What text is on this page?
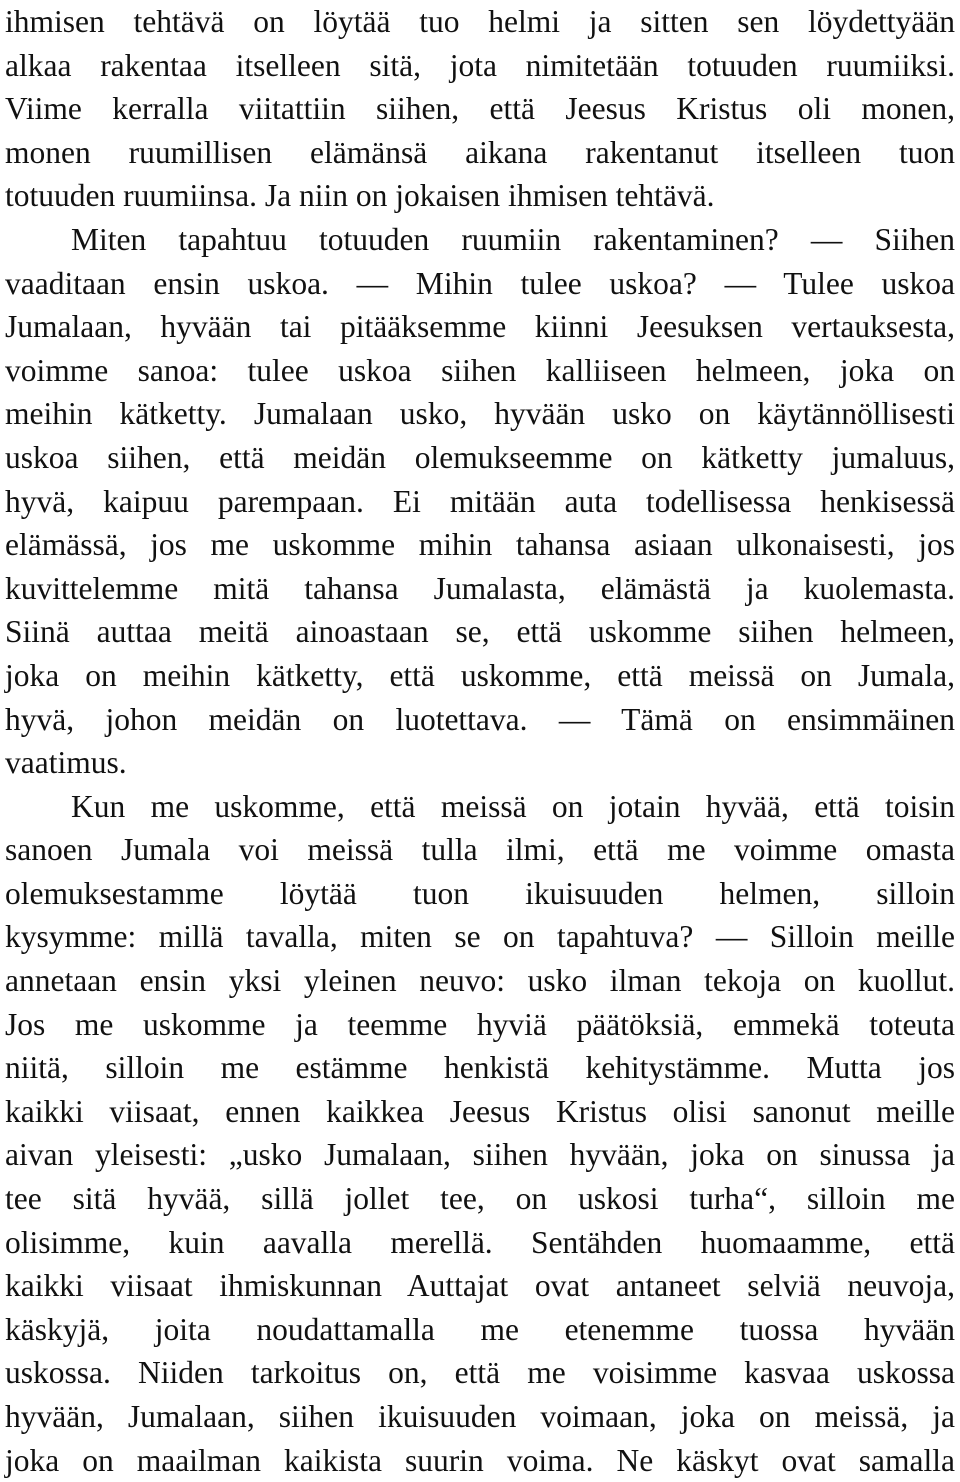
ihmisen tehtävä on löytää tuo helmi ja sitten sen löydettyään
alkaa rakentaa itselleen sitä, jota nimitetään totuuden ruumiiksi.
Viime kerralla viitattiin siihen, että Jeesus Kristus oli monen,
monen ruumillisen elämänsä aikana rakentanut itselleen tuon
totuuden ruumiinsa. Ja niin on jokaisen ihmisen tehtävä.

Miten tapahtuu totuuden ruumiin rakentaminen? — Siihen
vaaditaan ensin uskoa. — Mihin tulee uskoa? — Tulee uskoa
Jumalaan, hyvään tai pitääksemme kiinni Jeesuksen vertauksesta,
voimme sanoa: tulee uskoa siihen kalliiseen helmeen, joka on
meihin kätketty. Jumalaan usko, hyvään usko on käytännöllisesti
uskoa siihen, että meidän olemukseemme on kätketty jumaluus,
hyvä, kaipuu parempaan. Ei mitään auta todellisessa henkisessä
elämässä, jos me uskomme mihin tahansa asiaan ulkonaisesti, jos
kuvittelemme mitä tahansa Jumalasta, elämästä ja kuolemasta.
Siinä auttaa meitä ainoastaan se, että uskomme siihen helmeen,
joka on meihin kätketty, että uskomme, että meissä on Jumala,
hyvä, johon meidän on luotettava. — Tämä on ensimmäinen
vaatimus.

Kun me uskomme, että meissä on jotain hyvää, että toisin
sanoen Jumala voi meissä tulla ilmi, että me voimme omasta
olemuksestamme löytää tuon ikuisuuden helmen, silloin
kysymme: millä tavalla, miten se on tapahtuva? — Silloin meille
annetaan ensin yksi yleinen neuvo: usko ilman tekoja on kuollut.
Jos me uskomme ja teemme hyviä päätöksiä, emmekä toteuta
niitä, silloin me estämme henkistä kehitystämme. Mutta jos
kaikki viisaat, ennen kaikkea Jeesus Kristus olisi sanonut meille
aivan yleisesti: „usko Jumalaan, siihen hyvään, joka on sinussa ja
tee sitä hyvää, sillä jollet tee, on uskosi turha“, silloin me
olisimme, kuin aavalla merellä. Sentähden huomaamme, että
kaikki viisaat ihmiskunnan Auttajat ovat antaneet selviä neuvoja,
käskyjä, joita noudattamalla me etenemme tuossa hyvään
uskossa. Niiden tarkoitus on, että me voisimme kasvaa uskossa
hyvään, Jumalaan, siihen ikuisuuden voimaan, joka on meissä, ja
joka on maailman kaikista suurin voima. Ne käskyt ovat samalla
